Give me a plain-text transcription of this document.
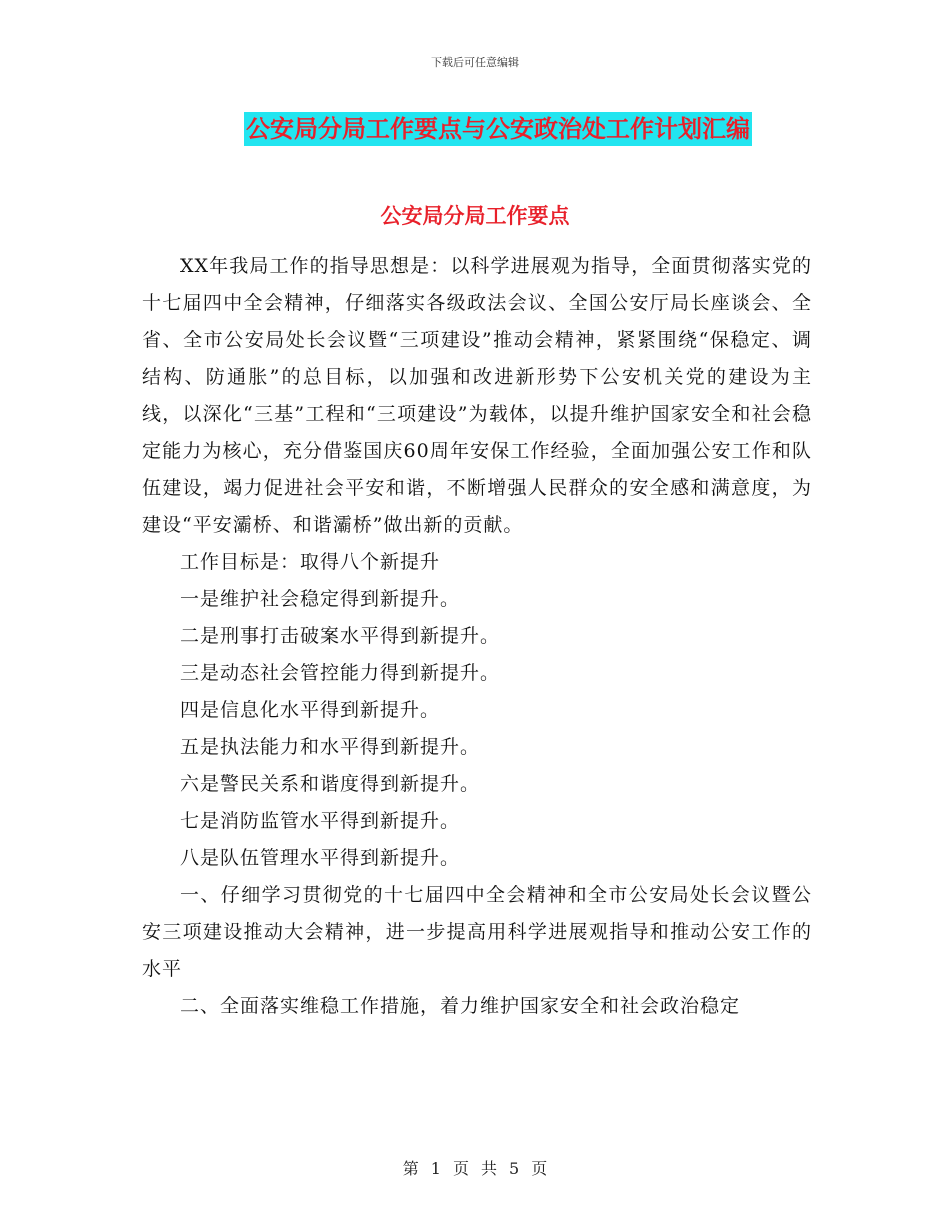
下载后可任意编辑
公安局分局工作要点与公安政治处工作计划汇编
公安局分局工作要点

XX年我局工作的指导思想是：以科学进展观为指导，全面贯彻落实党的十七届四中全会精神，仔细落实各级政法会议、全国公安厅局长座谈会、全省、全市公安局处长会议暨“三项建设”推动会精神，紧紧围绕“保稳定、调结构、防通胀”的总目标，以加强和改进新形势下公安机关党的建设为主线，以深化“三基”工程和“三项建设”为载体，以提升维护国家安全和社会稳定能力为核心，充分借鉴国庆60周年安保工作经验，全面加强公安工作和队伍建设，竭力促进社会平安和谐，不断增强人民群众的安全感和满意度，为建设“平安灞桥、和谐灞桥”做出新的贡献。

工作目标是：取得八个新提升

一是维护社会稳定得到新提升。

二是刑事打击破案水平得到新提升。

三是动态社会管控能力得到新提升。

四是信息化水平得到新提升。

五是执法能力和水平得到新提升。

六是警民关系和谐度得到新提升。

七是消防监管水平得到新提升。

八是队伍管理水平得到新提升。

一、仔细学习贯彻党的十七届四中全会精神和全市公安局处长会议暨公安三项建设推动大会精神，进一步提高用科学进展观指导和推动公安工作的水平

二、全面落实维稳工作措施，着力维护国家安全和社会政治稳定

第 1 页 共 5 页
